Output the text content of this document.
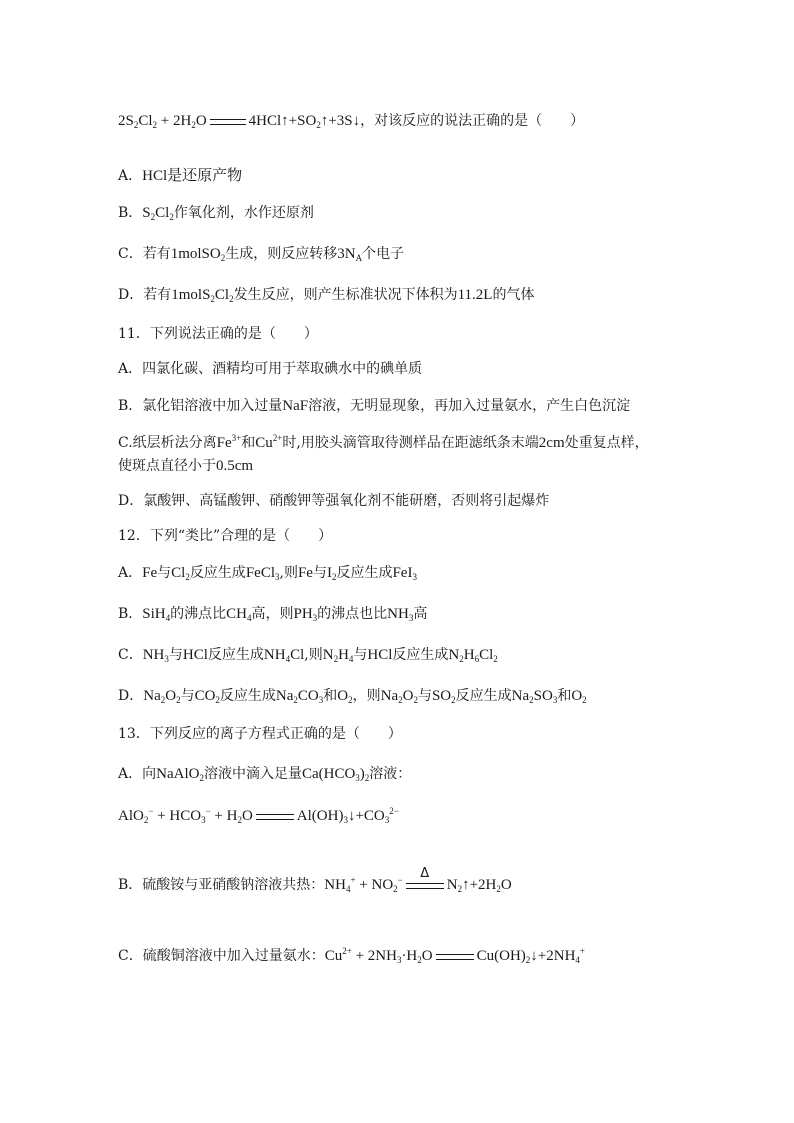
$2S_2Cl_2 + 2H_2O$	$4HCl↑+SO_2↑+3S↓$，对该反应的说法正确的是（　　）
A．HCl是还原产物
B．$S_2Cl_2$作氧化剂，水作还原剂
C．若有1molSO$_2$生成，则反应转移$3N_A$个电子
D．若有$1molS_2Cl_2$发生反应，则产生标准状况下体积为11.2L的气体
11．下列说法正确的是（　　）
A．四氯化碳、酒精均可用于萃取碘水中的碘单质
B．氯化铝溶液中加入过量NaF溶液，无明显现象，再加入过量氨水，产生白色沉淀
C.纸层析法分离$Fe^{3+}$和$Cu^{2+}$时,用胶头滴管取待测样品在距滤纸条末端2cm处重复点样，
使斑点直径小于0.5cm
D．氯酸钾、高锰酸钾、硝酸钾等强氧化剂不能研磨，否则将引起爆炸
12．下列“类比”合理的是（　　）
A．Fe与$Cl_2$反应生成FeCl$_3$,则Fe与$I_2$反应生成FeI$_3$
B．SiH$_4$的沸点比$CH_4$高，则$PH_3$的沸点也比$NH_3$高
C．$NH_3$与HCl反应生成$NH_4Cl$,则$N_2H_4$与HCl反应生成$N_2H_6Cl_2$
D．$Na_2O_2$与$CO_2$反应生成$Na_2CO_3$和$O_2$，则$Na_2O_2$与$SO_2$反应生成$Na_2SO_3$和$O_2$
13．下列反应的离子方程式正确的是（　　）
A．向NaAlO$_2$溶液中滴入足量$Ca(HCO_3)_2$溶液：
$AlO_2^- + HCO_3^- + H_2O$	$Al(OH)_3↓+CO_3^{2-}$
B．硫酸铵与亚硝酸钠溶液共热：$NH_4^+ + NO_2^-$	Δ
$N_2↑+2H_2O$
C．硫酸铜溶液中加入过量氨水：$Cu^{2+} + 2NH_3\cdot H_2O$	$Cu(OH)_2↓+2NH_4^+$
